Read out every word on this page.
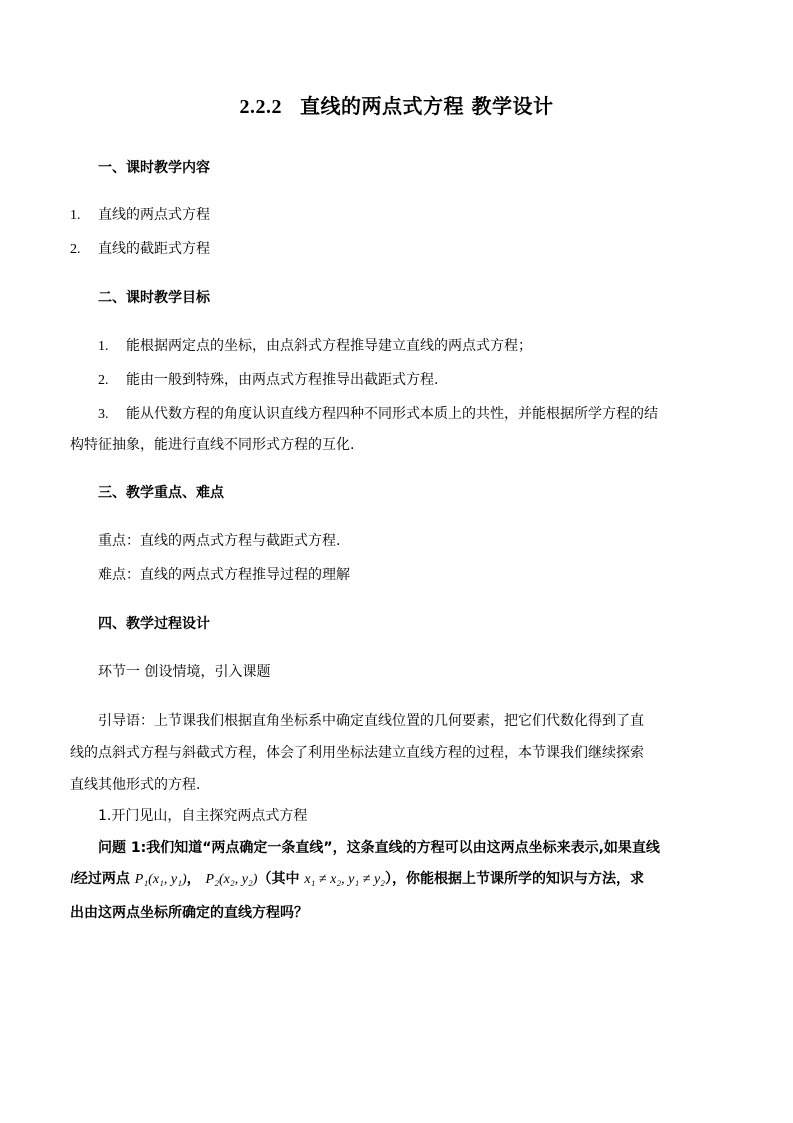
2.2.2 直线的两点式方程 教学设计
一、课时教学内容
1. 直线的两点式方程
2. 直线的截距式方程
二、课时教学目标
1. 能根据两定点的坐标，由点斜式方程推导建立直线的两点式方程；
2. 能由一般到特殊，由两点式方程推导出截距式方程.
3. 能从代数方程的角度认识直线方程四种不同形式本质上的共性，并能根据所学方程的结
构特征抽象，能进行直线不同形式方程的互化.
三、教学重点、难点
重点：直线的两点式方程与截距式方程.
难点：直线的两点式方程推导过程的理解
四、教学过程设计
环节一 创设情境，引入课题
引导语：上节课我们根据直角坐标系中确定直线位置的几何要素，把它们代数化得到了直
线的点斜式方程与斜截式方程，体会了利用坐标法建立直线方程的过程，本节课我们继续探索
直线其他形式的方程.
1.开门见山，自主探究两点式方程
问题 1:我们知道“两点确定一条直线”，这条直线的方程可以由这两点坐标来表示,如果直线
l经过两点 P₁(x₁, y₁)， P₂(x₂, y₂)（其中 x₁ ≠ x₂, y₁ ≠ y₂），你能根据上节课所学的知识与方法，求
出由这两点坐标所确定的直线方程吗？
